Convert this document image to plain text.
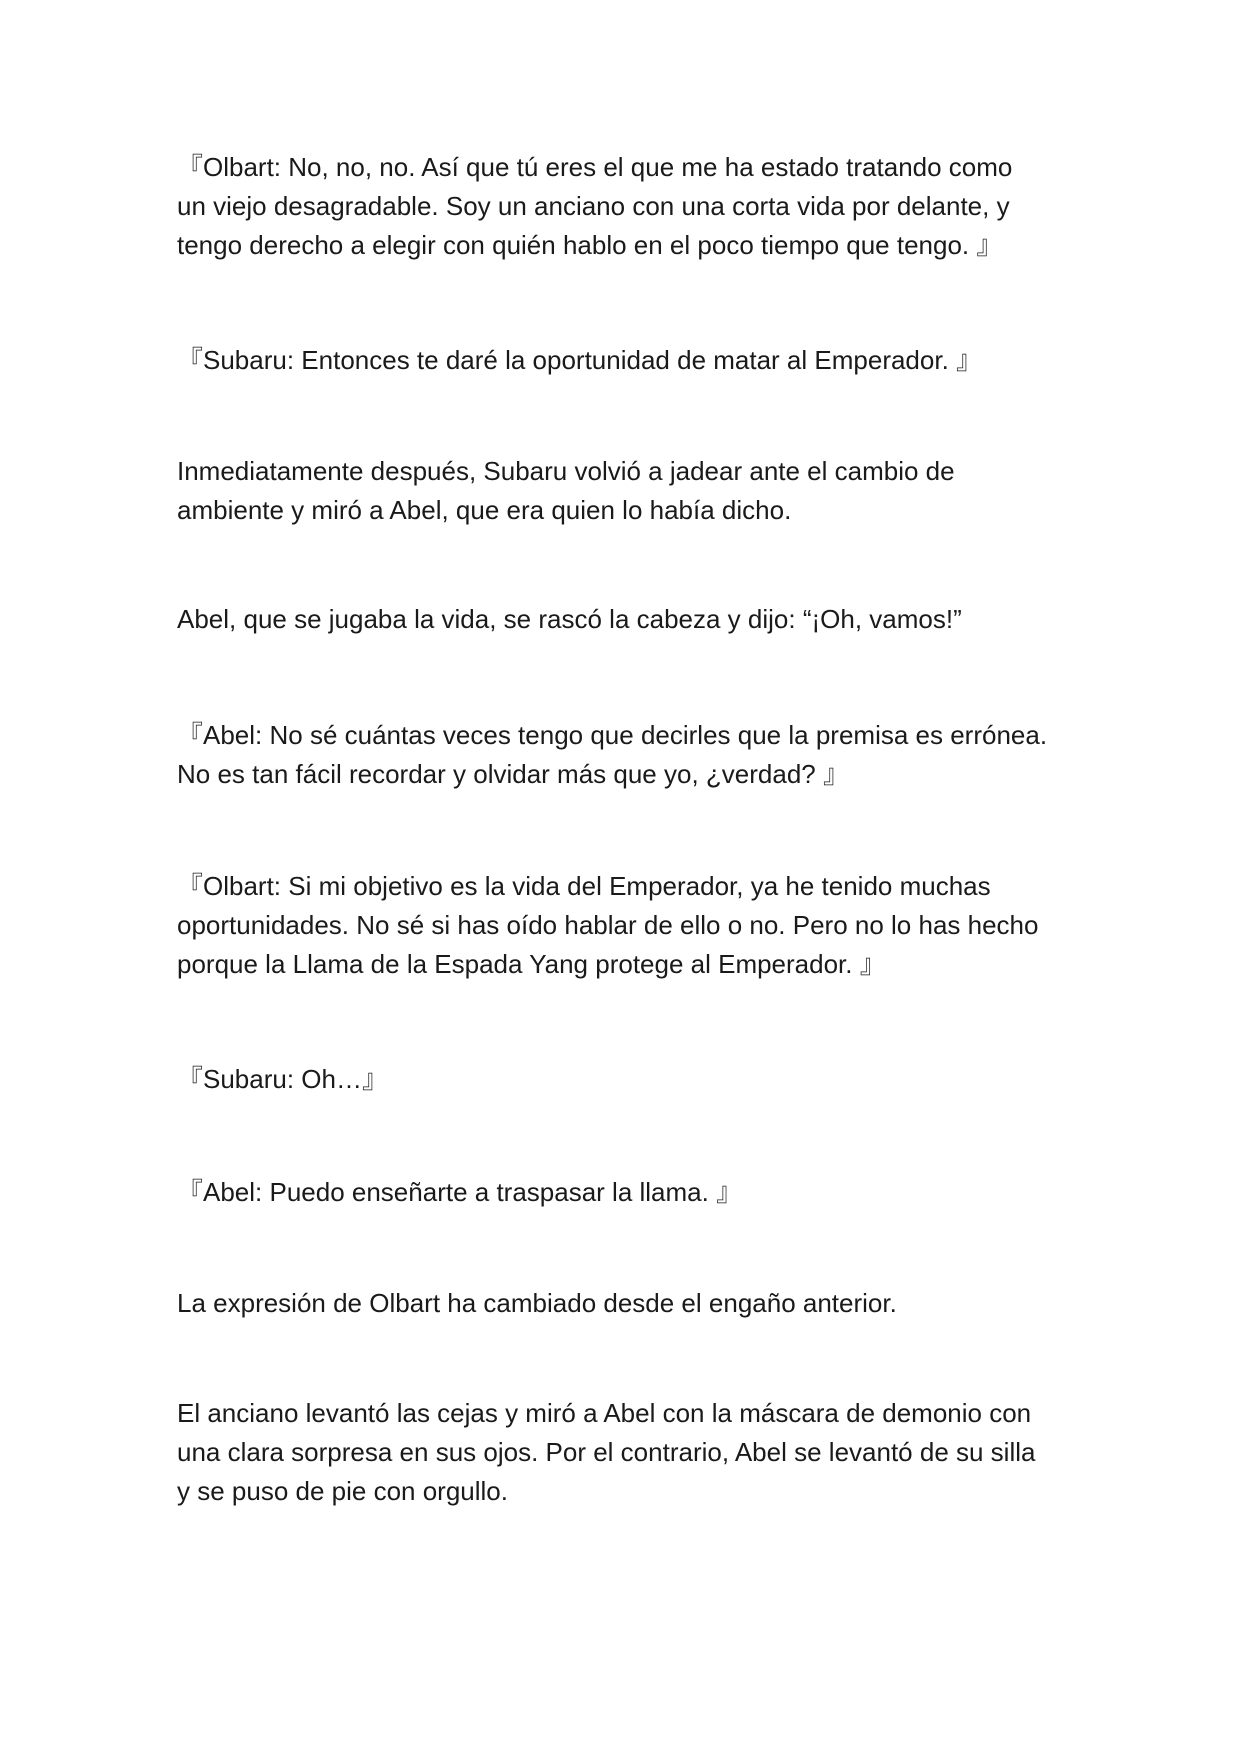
『Olbart: No, no, no. Así que tú eres el que me ha estado tratando como
un viejo desagradable. Soy un anciano con una corta vida por delante, y
tengo derecho a elegir con quién hablo en el poco tiempo que tengo. 』

『Subaru: Entonces te daré la oportunidad de matar al Emperador. 』

Inmediatamente después, Subaru volvió a jadear ante el cambio de
ambiente y miró a Abel, que era quien lo había dicho.

Abel, que se jugaba la vida, se rascó la cabeza y dijo: “¡Oh, vamos!”

『Abel: No sé cuántas veces tengo que decirles que la premisa es errónea.
No es tan fácil recordar y olvidar más que yo, ¿verdad? 』

『Olbart: Si mi objetivo es la vida del Emperador, ya he tenido muchas
oportunidades. No sé si has oído hablar de ello o no. Pero no lo has hecho
porque la Llama de la Espada Yang protege al Emperador. 』

『Subaru: Oh…』

『Abel: Puedo enseñarte a traspasar la llama. 』

La expresión de Olbart ha cambiado desde el engaño anterior.

El anciano levantó las cejas y miró a Abel con la máscara de demonio con
una clara sorpresa en sus ojos. Por el contrario, Abel se levantó de su silla
y se puso de pie con orgullo.
